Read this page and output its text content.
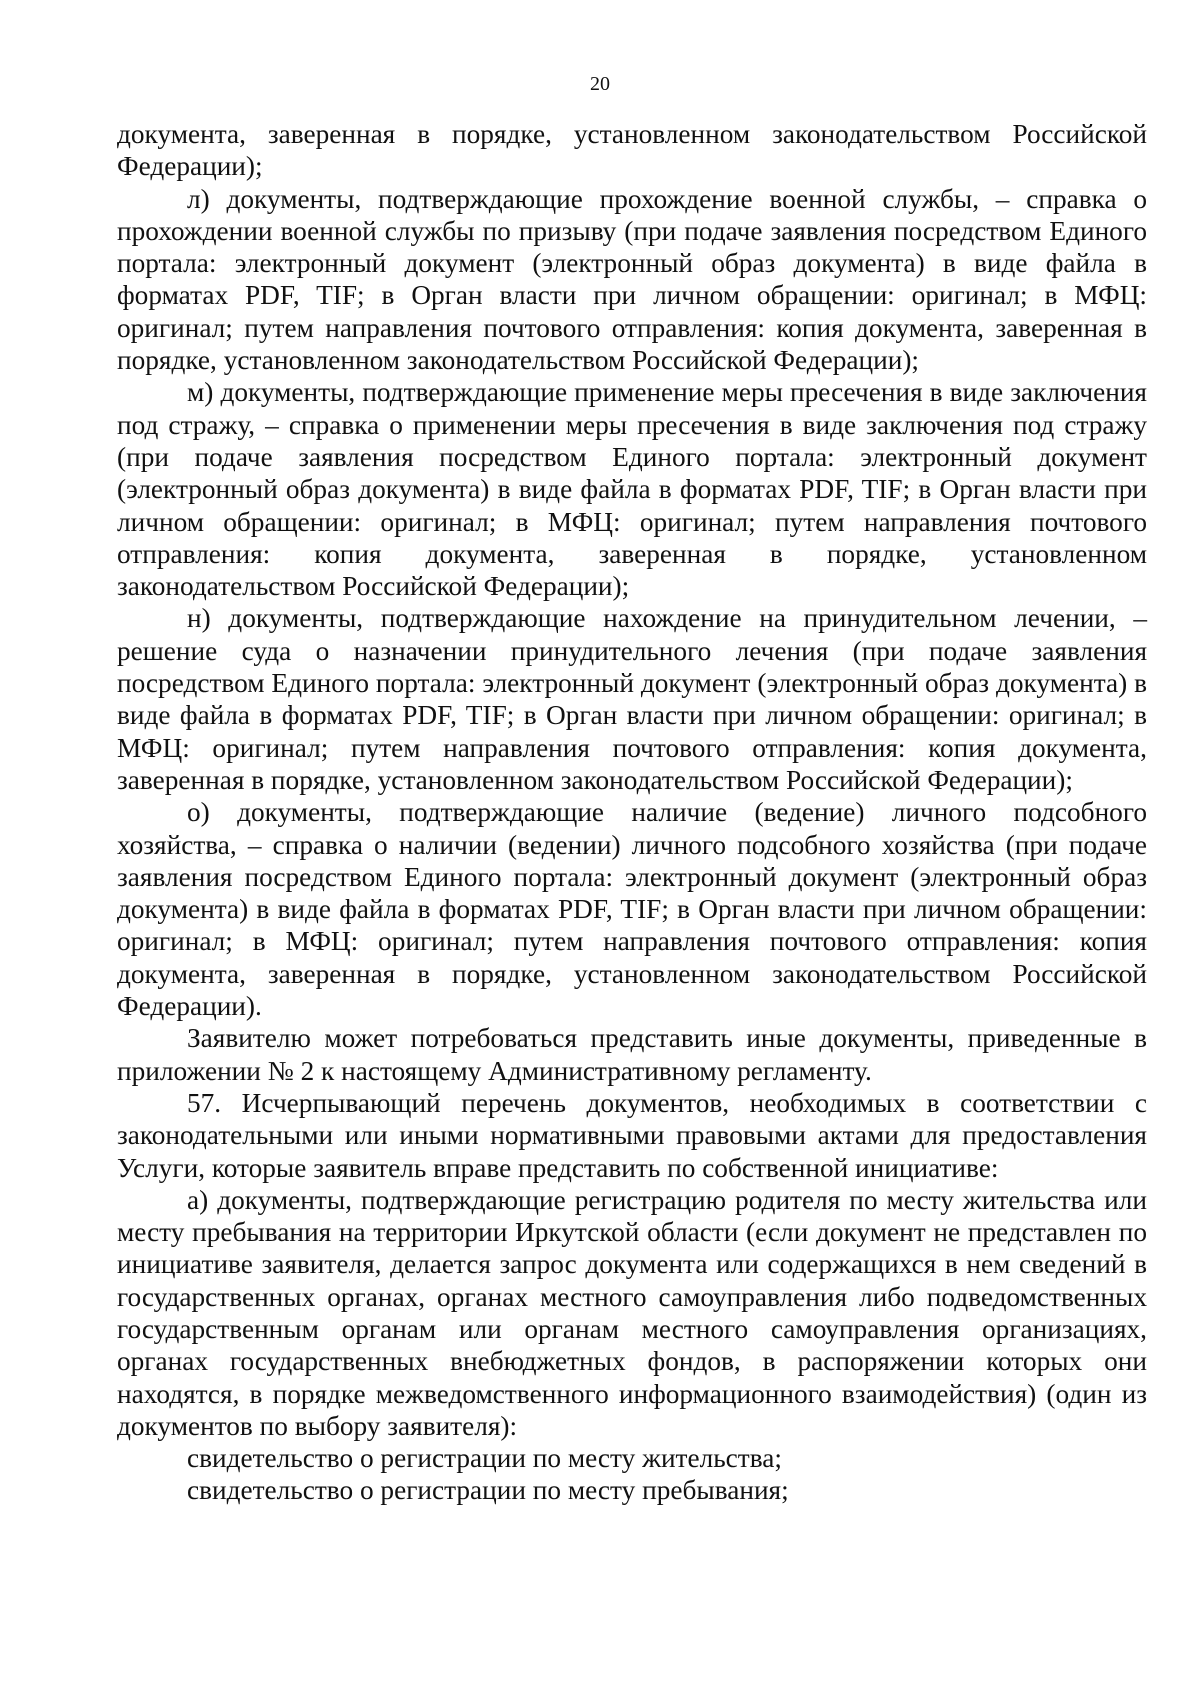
20

документа, заверенная в порядке, установленном законодательством Российской Федерации);

л) документы, подтверждающие прохождение военной службы, – справка о прохождении военной службы по призыву (при подаче заявления посредством Единого портала: электронный документ (электронный образ документа) в виде файла в форматах PDF, TIF; в Орган власти при личном обращении: оригинал; в МФЦ: оригинал; путем направления почтового отправления: копия документа, заверенная в порядке, установленном законодательством Российской Федерации);

м) документы, подтверждающие применение меры пресечения в виде заключения под стражу, – справка о применении меры пресечения в виде заключения под стражу (при подаче заявления посредством Единого портала: электронный документ (электронный образ документа) в виде файла в форматах PDF, TIF; в Орган власти при личном обращении: оригинал; в МФЦ: оригинал; путем направления почтового отправления: копия документа, заверенная в порядке, установленном законодательством Российской Федерации);

н) документы, подтверждающие нахождение на принудительном лечении, – решение суда о назначении принудительного лечения (при подаче заявления посредством Единого портала: электронный документ (электронный образ документа) в виде файла в форматах PDF, TIF; в Орган власти при личном обращении: оригинал; в МФЦ: оригинал; путем направления почтового отправления: копия документа, заверенная в порядке, установленном законодательством Российской Федерации);

о) документы, подтверждающие наличие (ведение) личного подсобного хозяйства, – справка о наличии (ведении) личного подсобного хозяйства (при подаче заявления посредством Единого портала: электронный документ (электронный образ документа) в виде файла в форматах PDF, TIF; в Орган власти при личном обращении: оригинал; в МФЦ: оригинал; путем направления почтового отправления: копия документа, заверенная в порядке, установленном законодательством Российской Федерации).

Заявителю может потребоваться представить иные документы, приведенные в приложении № 2 к настоящему Административному регламенту.

57. Исчерпывающий перечень документов, необходимых в соответствии с законодательными или иными нормативными правовыми актами для предоставления Услуги, которые заявитель вправе представить по собственной инициативе:

а) документы, подтверждающие регистрацию родителя по месту жительства или месту пребывания на территории Иркутской области (если документ не представлен по инициативе заявителя, делается запрос документа или содержащихся в нем сведений в государственных органах, органах местного самоуправления либо подведомственных государственным органам или органам местного самоуправления организациях, органах государственных внебюджетных фондов, в распоряжении которых они находятся, в порядке межведомственного информационного взаимодействия) (один из документов по выбору заявителя):

свидетельство о регистрации по месту жительства;

свидетельство о регистрации по месту пребывания;
